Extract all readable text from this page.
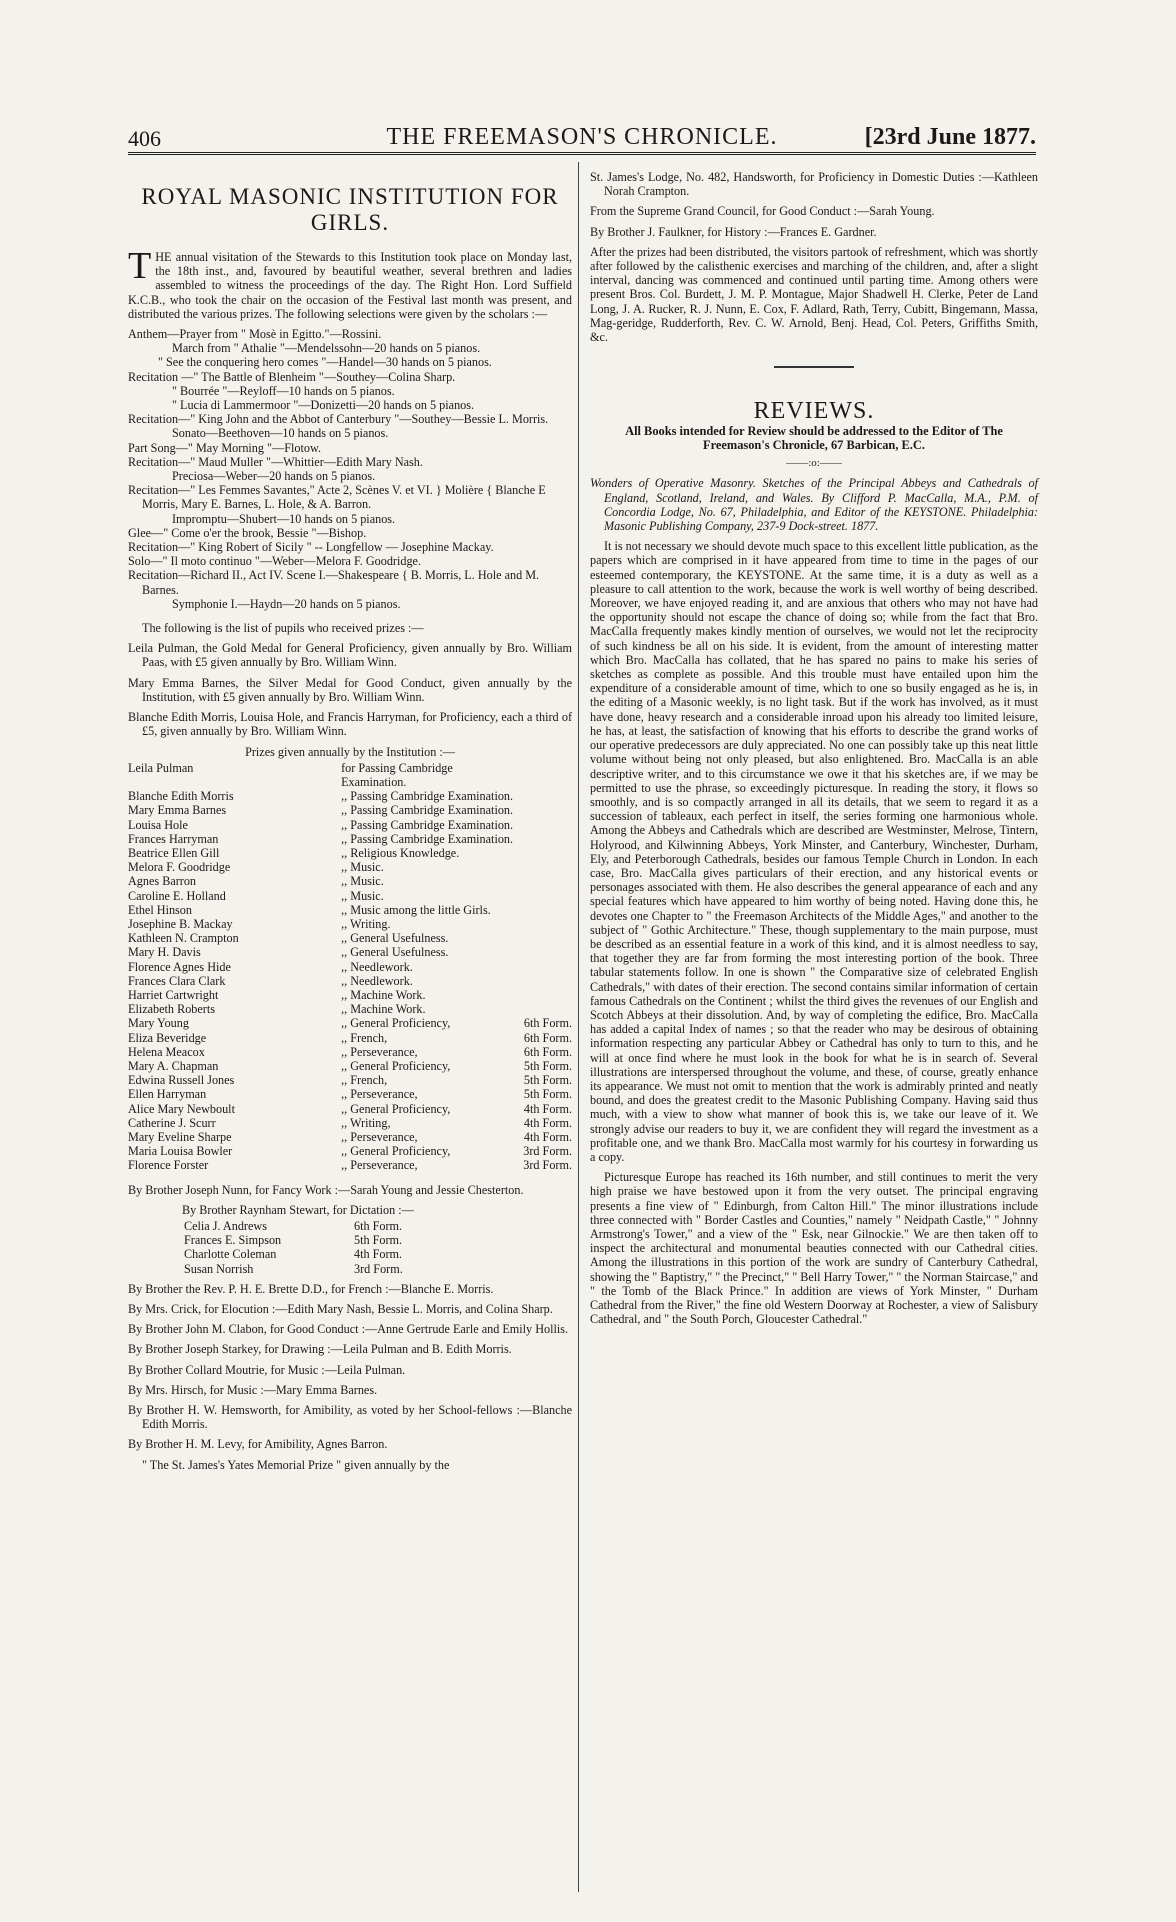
406	THE FREEMASON'S CHRONICLE.	[23rd June 1877.
ROYAL MASONIC INSTITUTION FOR GIRLS.

THE annual visitation of the Stewards to this Institution took place on Monday last, the 18th inst., and, favoured by beautiful weather, several brethren and ladies assembled to witness the proceedings of the day. The Right Hon. Lord Suffield K.C.B., who took the chair on the occasion of the Festival last month was present, and distributed the various prizes. The following selections were given by the scholars :—

Anthem—Prayer from " Mosè in Egitto."—Rossini.
March from " Athalie "—Mendelssohn—20 hands on 5 pianos.
" See the conquering hero comes "—Handel—30 hands on 5 pianos.
Recitation —" The Battle of Blenheim "—Southey—Colina Sharp.
" Bourrée "—Reyloff—10 hands on 5 pianos.
" Lucia di Lammermoor "—Donizetti—20 hands on 5 pianos.
Recitation—" King John and the Abbot of Canterbury "—Southey—Bessie L. Morris.
Sonato—Beethoven—10 hands on 5 pianos.
Part Song—" May Morning "—Flotow.
Recitation—" Maud Muller "—Whittier—Edith Mary Nash.
Preciosa—Weber—20 hands on 5 pianos.
Recitation—" Les Femmes Savantes," Acte 2, Scènes V. et VI. } Molière { Blanche E Morris, Mary E. Barnes, L. Hole, & A. Barron.
Impromptu—Shubert—10 hands on 5 pianos.
Glee—" Come o'er the brook, Bessie "—Bishop.
Recitation—" King Robert of Sicily " -- Longfellow — Josephine Mackay.
Solo—" Il moto continuo "—Weber—Melora F. Goodridge.
Recitation—Richard II., Act IV. Scene I.—Shakespeare { B. Morris, L. Hole and M. Barnes.
Symphonie I.—Haydn—20 hands on 5 pianos.

The following is the list of pupils who received prizes :—

Leila Pulman, the Gold Medal for General Proficiency, given annually by Bro. William Paas, with £5 given annually by Bro. William Winn.

Mary Emma Barnes, the Silver Medal for Good Conduct, given annually by the Institution, with £5 given annually by Bro. William Winn.

Blanche Edith Morris, Louisa Hole, and Francis Harryman, for Proficiency, each a third of £5, given annually by Bro. William Winn.

Prizes given annually by the Institution :—
Leila Pulman	for Passing Cambridge Examination.	
Blanche Edith Morris	,, Passing Cambridge Examination.	
Mary Emma Barnes	,, Passing Cambridge Examination.	
Louisa Hole	,, Passing Cambridge Examination.	
Frances Harryman	,, Passing Cambridge Examination.	
Beatrice Ellen Gill	,, Religious Knowledge.	
Melora F. Goodridge	,, Music.	
Agnes Barron	,, Music.	
Caroline E. Holland	,, Music.	
Ethel Hinson	,, Music among the little Girls.	
Josephine B. Mackay	,, Writing.	
Kathleen N. Crampton	,, General Usefulness.	
Mary H. Davis	,, General Usefulness.	
Florence Agnes Hide	,, Needlework.	
Frances Clara Clark	,, Needlework.	
Harriet Cartwright	,, Machine Work.	
Elizabeth Roberts	,, Machine Work.	
Mary Young	,, General Proficiency,	6th Form.
Eliza Beveridge	,, French,	6th Form.
Helena Meacox	,, Perseverance,	6th Form.
Mary A. Chapman	,, General Proficiency,	5th Form.
Edwina Russell Jones	,, French,	5th Form.
Ellen Harryman	,, Perseverance,	5th Form.
Alice Mary Newboult	,, General Proficiency,	4th Form.
Catherine J. Scurr	,, Writing,	4th Form.
Mary Eveline Sharpe	,, Perseverance,	4th Form.
Maria Louisa Bowler	,, General Proficiency,	3rd Form.
Florence Forster	,, Perseverance,	3rd Form.

By Brother Joseph Nunn, for Fancy Work :—Sarah Young and Jessie Chesterton.

By Brother Raynham Stewart, for Dictation :—
Celia J. Andrews	6th Form.
Frances E. Simpson	5th Form.
Charlotte Coleman	4th Form.
Susan Norrish	3rd Form.

By Brother the Rev. P. H. E. Brette D.D., for French :—Blanche E. Morris.

By Mrs. Crick, for Elocution :—Edith Mary Nash, Bessie L. Morris, and Colina Sharp.

By Brother John M. Clabon, for Good Conduct :—Anne Gertrude Earle and Emily Hollis.

By Brother Joseph Starkey, for Drawing :—Leila Pulman and B. Edith Morris.

By Brother Collard Moutrie, for Music :—Leila Pulman.

By Mrs. Hirsch, for Music :—Mary Emma Barnes.

By Brother H. W. Hemsworth, for Amibility, as voted by her School-fellows :—Blanche Edith Morris.

By Brother H. M. Levy, for Amibility, Agnes Barron.

" The St. James's Yates Memorial Prize " given annually by the

St. James's Lodge, No. 482, Handsworth, for Proficiency in Domestic Duties :—Kathleen Norah Crampton.

From the Supreme Grand Council, for Good Conduct :—Sarah Young.

By Brother J. Faulkner, for History :—Frances E. Gardner.

After the prizes had been distributed, the visitors partook of refreshment, which was shortly after followed by the calisthenic exercises and marching of the children, and, after a slight interval, dancing was commenced and continued until parting time. Among others were present Bros. Col. Burdett, J. M. P. Montague, Major Shadwell H. Clerke, Peter de Land Long, J. A. Rucker, R. J. Nunn, E. Cox, F. Adlard, Rath, Terry, Cubitt, Bingemann, Massa, Mag-geridge, Rudderforth, Rev. C. W. Arnold, Benj. Head, Col. Peters, Griffiths Smith, &c.

REVIEWS.
All Books intended for Review should be addressed to the Editor of The Freemason's Chronicle, 67 Barbican, E.C.
——:o:——

Wonders of Operative Masonry. Sketches of the Principal Abbeys and Cathedrals of England, Scotland, Ireland, and Wales. By Clifford P. MacCalla, M.A., P.M. of Concordia Lodge, No. 67, Philadelphia, and Editor of the KEYSTONE. Philadelphia: Masonic Publishing Company, 237-9 Dock-street. 1877.

It is not necessary we should devote much space to this excellent little publication, as the papers which are comprised in it have appeared from time to time in the pages of our esteemed contemporary, the KEYSTONE. At the same time, it is a duty as well as a pleasure to call attention to the work, because the work is well worthy of being described. Moreover, we have enjoyed reading it, and are anxious that others who may not have had the opportunity should not escape the chance of doing so; while from the fact that Bro. MacCalla frequently makes kindly mention of ourselves, we would not let the reciprocity of such kindness be all on his side. It is evident, from the amount of interesting matter which Bro. MacCalla has collated, that he has spared no pains to make his series of sketches as complete as possible. And this trouble must have entailed upon him the expenditure of a considerable amount of time, which to one so busily engaged as he is, in the editing of a Masonic weekly, is no light task. But if the work has involved, as it must have done, heavy research and a considerable inroad upon his already too limited leisure, he has, at least, the satisfaction of knowing that his efforts to describe the grand works of our operative predecessors are duly appreciated. No one can possibly take up this neat little volume without being not only pleased, but also enlightened. Bro. MacCalla is an able descriptive writer, and to this circumstance we owe it that his sketches are, if we may be permitted to use the phrase, so exceedingly picturesque. In reading the story, it flows so smoothly, and is so compactly arranged in all its details, that we seem to regard it as a succession of tableaux, each perfect in itself, the series forming one harmonious whole. Among the Abbeys and Cathedrals which are described are Westminster, Melrose, Tintern, Holyrood, and Kilwinning Abbeys, York Minster, and Canterbury, Winchester, Durham, Ely, and Peterborough Cathedrals, besides our famous Temple Church in London. In each case, Bro. MacCalla gives particulars of their erection, and any historical events or personages associated with them. He also describes the general appearance of each and any special features which have appeared to him worthy of being noted. Having done this, he devotes one Chapter to " the Freemason Architects of the Middle Ages," and another to the subject of " Gothic Architecture." These, though supplementary to the main purpose, must be described as an essential feature in a work of this kind, and it is almost needless to say, that together they are far from forming the most interesting portion of the book. Three tabular statements follow. In one is shown " the Comparative size of celebrated English Cathedrals," with dates of their erection. The second contains similar information of certain famous Cathedrals on the Continent ; whilst the third gives the revenues of our English and Scotch Abbeys at their dissolution. And, by way of completing the edifice, Bro. MacCalla has added a capital Index of names ; so that the reader who may be desirous of obtaining information respecting any particular Abbey or Cathedral has only to turn to this, and he will at once find where he must look in the book for what he is in search of. Several illustrations are interspersed throughout the volume, and these, of course, greatly enhance its appearance. We must not omit to mention that the work is admirably printed and neatly bound, and does the greatest credit to the Masonic Publishing Company. Having said thus much, with a view to show what manner of book this is, we take our leave of it. We strongly advise our readers to buy it, we are confident they will regard the investment as a profitable one, and we thank Bro. MacCalla most warmly for his courtesy in forwarding us a copy.

Picturesque Europe has reached its 16th number, and still continues to merit the very high praise we have bestowed upon it from the very outset. The principal engraving presents a fine view of " Edinburgh, from Calton Hill." The minor illustrations include three connected with " Border Castles and Counties," namely " Neidpath Castle," " Johnny Armstrong's Tower," and a view of the " Esk, near Gilnockie." We are then taken off to inspect the architectural and monumental beauties connected with our Cathedral cities. Among the illustrations in this portion of the work are sundry of Canterbury Cathedral, showing the " Baptistry," " the Precinct," " Bell Harry Tower," " the Norman Staircase," and " the Tomb of the Black Prince." In addition are views of York Minster, " Durham Cathedral from the River," the fine old Western Doorway at Rochester, a view of Salisbury Cathedral, and " the South Porch, Gloucester Cathedral."
